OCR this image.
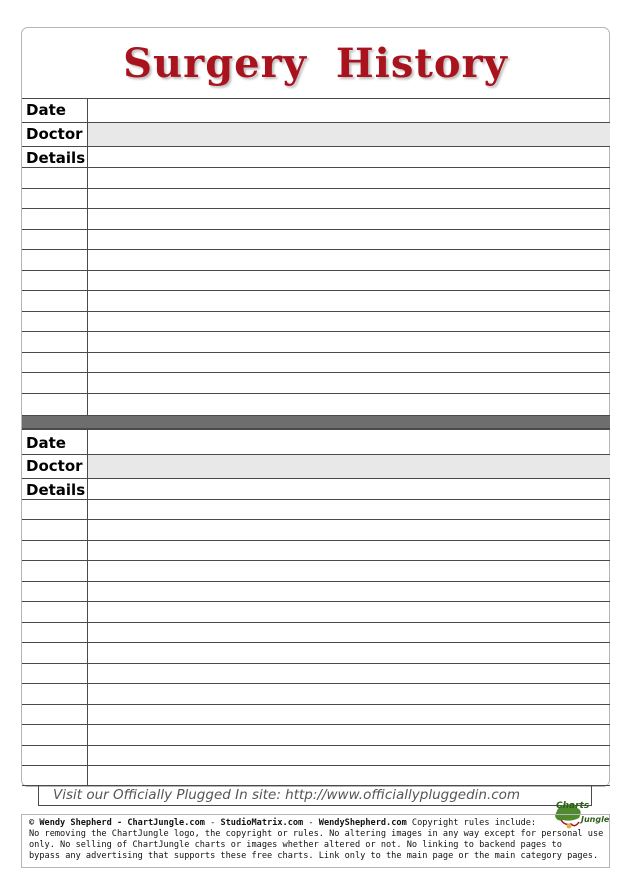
Surgery History
Date
Doctor
Details
Date
Doctor
Details
Visit our Officially Plugged In site: http://www.officiallypluggedin.com
Charts
Jungle
© Wendy Shepherd - ChartJungle.com - StudioMatrix.com - WendyShepherd.com Copyright rules include:
No removing the ChartJungle logo, the copyright or rules. No altering images in any way except for personal use
only. No selling of ChartJungle charts or images whether altered or not. No linking to backend pages to
bypass any advertising that supports these free charts. Link only to the main page or the main category pages.
